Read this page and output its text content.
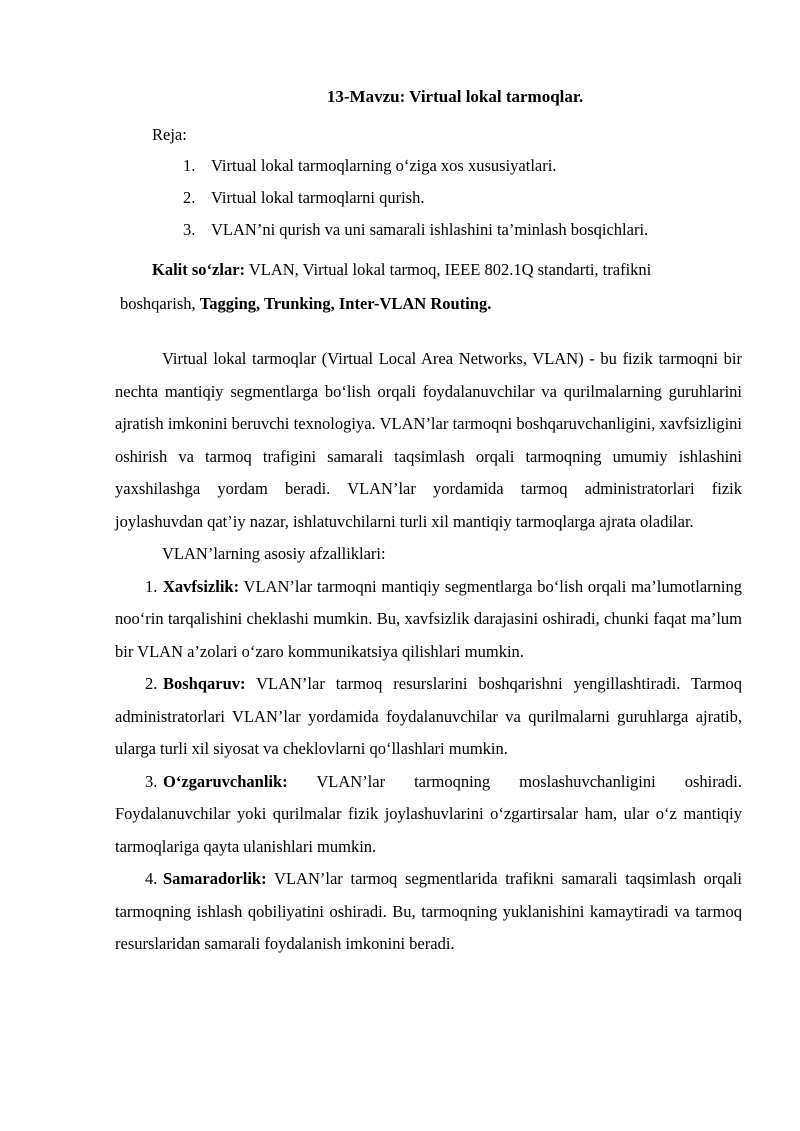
13-Mavzu: Virtual lokal tarmoqlar.
Reja:
1. Virtual lokal tarmoqlarning o‘ziga xos xususiyatlari.
2. Virtual lokal tarmoqlarni qurish.
3. VLAN’ni qurish va uni samarali ishlashini ta’minlash bosqichlari.
Kalit so‘zlar: VLAN, Virtual lokal tarmoq, IEEE 802.1Q standarti, trafikni
boshqarish, Tagging, Trunking, Inter-VLAN Routing.

Virtual lokal tarmoqlar (Virtual Local Area Networks, VLAN) - bu fizik tarmoqni bir nechta mantiqiy segmentlarga bo‘lish orqali foydalanuvchilar va qurilmalarning guruhlarini ajratish imkonini beruvchi texnologiya. VLAN’lar tarmoqni boshqaruvchanligini, xavfsizligini oshirish va tarmoq trafigini samarali taqsimlash orqali tarmoqning umumiy ishlashini yaxshilashga yordam beradi. VLAN’lar yordamida tarmoq administratorlari fizik joylashuvdan qat’iy nazar, ishlatuvchilarni turli xil mantiqiy tarmoqlarga ajrata oladilar.

VLAN’larning asosiy afzalliklari:

1. Xavfsizlik: VLAN’lar tarmoqni mantiqiy segmentlarga bo‘lish orqali ma’lumotlarning noo‘rin tarqalishini cheklashi mumkin. Bu, xavfsizlik darajasini oshiradi, chunki faqat ma’lum bir VLAN a’zolari o‘zaro kommunikatsiya qilishlari mumkin.

2. Boshqaruv: VLAN’lar tarmoq resurslarini boshqarishni yengillashtiradi. Tarmoq administratorlari VLAN’lar yordamida foydalanuvchilar va qurilmalarni guruhlarga ajratib, ularga turli xil siyosat va cheklovlarni qo‘llashlari mumkin.

3. O‘zgaruvchanlik: VLAN’lar tarmoqning moslashuvchanligini oshiradi. Foydalanuvchilar yoki qurilmalar fizik joylashuvlarini o‘zgartirsalar ham, ular o‘z mantiqiy tarmoqlariga qayta ulanishlari mumkin.

4. Samaradorlik: VLAN’lar tarmoq segmentlarida trafikni samarali taqsimlash orqali tarmoqning ishlash qobiliyatini oshiradi. Bu, tarmoqning yuklanishini kamaytiradi va tarmoq resurslaridan samarali foydalanish imkonini beradi.
